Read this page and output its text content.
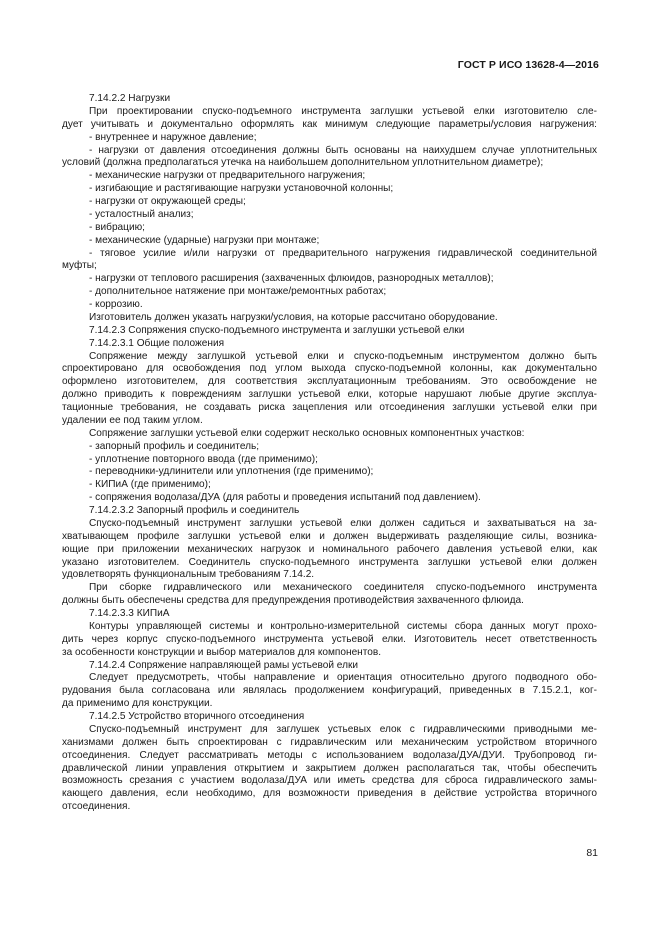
ГОСТ Р ИСО 13628-4—2016
7.14.2.2 Нагрузки
При проектировании спуско-подъемного инструмента заглушки устьевой елки изготовителю сле-
дует учитывать и документально оформлять как минимум следующие параметры/условия нагружения:
- внутреннее и наружное давление;
- нагрузки от давления отсоединения должны быть основаны на наихудшем случае уплотнительных
условий (должна предполагаться утечка на наибольшем дополнительном уплотнительном диаметре);
- механические нагрузки от предварительного нагружения;
- изгибающие и растягивающие нагрузки установочной колонны;
- нагрузки от окружающей среды;
- усталостный анализ;
- вибрацию;
- механические (ударные) нагрузки при монтаже;
- тяговое усилие и/или нагрузки от предварительного нагружения гидравлической соединительной
муфты;
- нагрузки от теплового расширения (захваченных флюидов, разнородных металлов);
- дополнительное натяжение при монтаже/ремонтных работах;
- коррозию.
Изготовитель должен указать нагрузки/условия, на которые рассчитано оборудование.
7.14.2.3 Сопряжения спуско-подъемного инструмента и заглушки устьевой елки
7.14.2.3.1 Общие положения
Сопряжение между заглушкой устьевой елки и спуско-подъемным инструментом должно быть
спроектировано для освобождения под углом выхода спуско-подъемной колонны, как документально
оформлено изготовителем, для соответствия эксплуатационным требованиям. Это освобождение не
должно приводить к повреждениям заглушки устьевой елки, которые нарушают любые другие эксплуа-
тационные требования, не создавать риска зацепления или отсоединения заглушки устьевой елки при
удалении ее под таким углом.
Сопряжение заглушки устьевой елки содержит несколько основных компонентных участков:
- запорный профиль и соединитель;
- уплотнение повторного ввода (где применимо);
- переводники-удлинители или уплотнения (где применимо);
- КИПиА (где применимо);
- сопряжения водолаза/ДУА (для работы и проведения испытаний под давлением).
7.14.2.3.2 Запорный профиль и соединитель
Спуско-подъемный инструмент заглушки устьевой елки должен садиться и захватываться на за-
хватывающем профиле заглушки устьевой елки и должен выдерживать разделяющие силы, возника-
ющие при приложении механических нагрузок и номинального рабочего давления устьевой елки, как
указано изготовителем. Соединитель спуско-подъемного инструмента заглушки устьевой елки должен
удовлетворять функциональным требованиям 7.14.2.
При сборке гидравлического или механического соединителя спуско-подъемного инструмента
должны быть обеспечены средства для предупреждения противодействия захваченного флюида.
7.14.2.3.3 КИПиА
Контуры управляющей системы и контрольно-измерительной системы сбора данных могут прохо-
дить через корпус спуско-подъемного инструмента устьевой елки. Изготовитель несет ответственность
за особенности конструкции и выбор материалов для компонентов.
7.14.2.4 Сопряжение направляющей рамы устьевой елки
Следует предусмотреть, чтобы направление и ориентация относительно другого подводного обо-
рудования была согласована или являлась продолжением конфигураций, приведенных в 7.15.2.1, ког-
да применимо для конструкции.
7.14.2.5 Устройство вторичного отсоединения
Спуско-подъемный инструмент для заглушек устьевых елок с гидравлическими приводными ме-
ханизмами должен быть спроектирован с гидравлическим или механическим устройством вторичного
отсоединения. Следует рассматривать методы с использованием водолаза/ДУА/ДУИ. Трубопровод ги-
дравлической линии управления открытием и закрытием должен располагаться так, чтобы обеспечить
возможность срезания с участием водолаза/ДУА или иметь средства для сброса гидравлического замы-
кающего давления, если необходимо, для возможности приведения в действие устройства вторичного
отсоединения.
81
